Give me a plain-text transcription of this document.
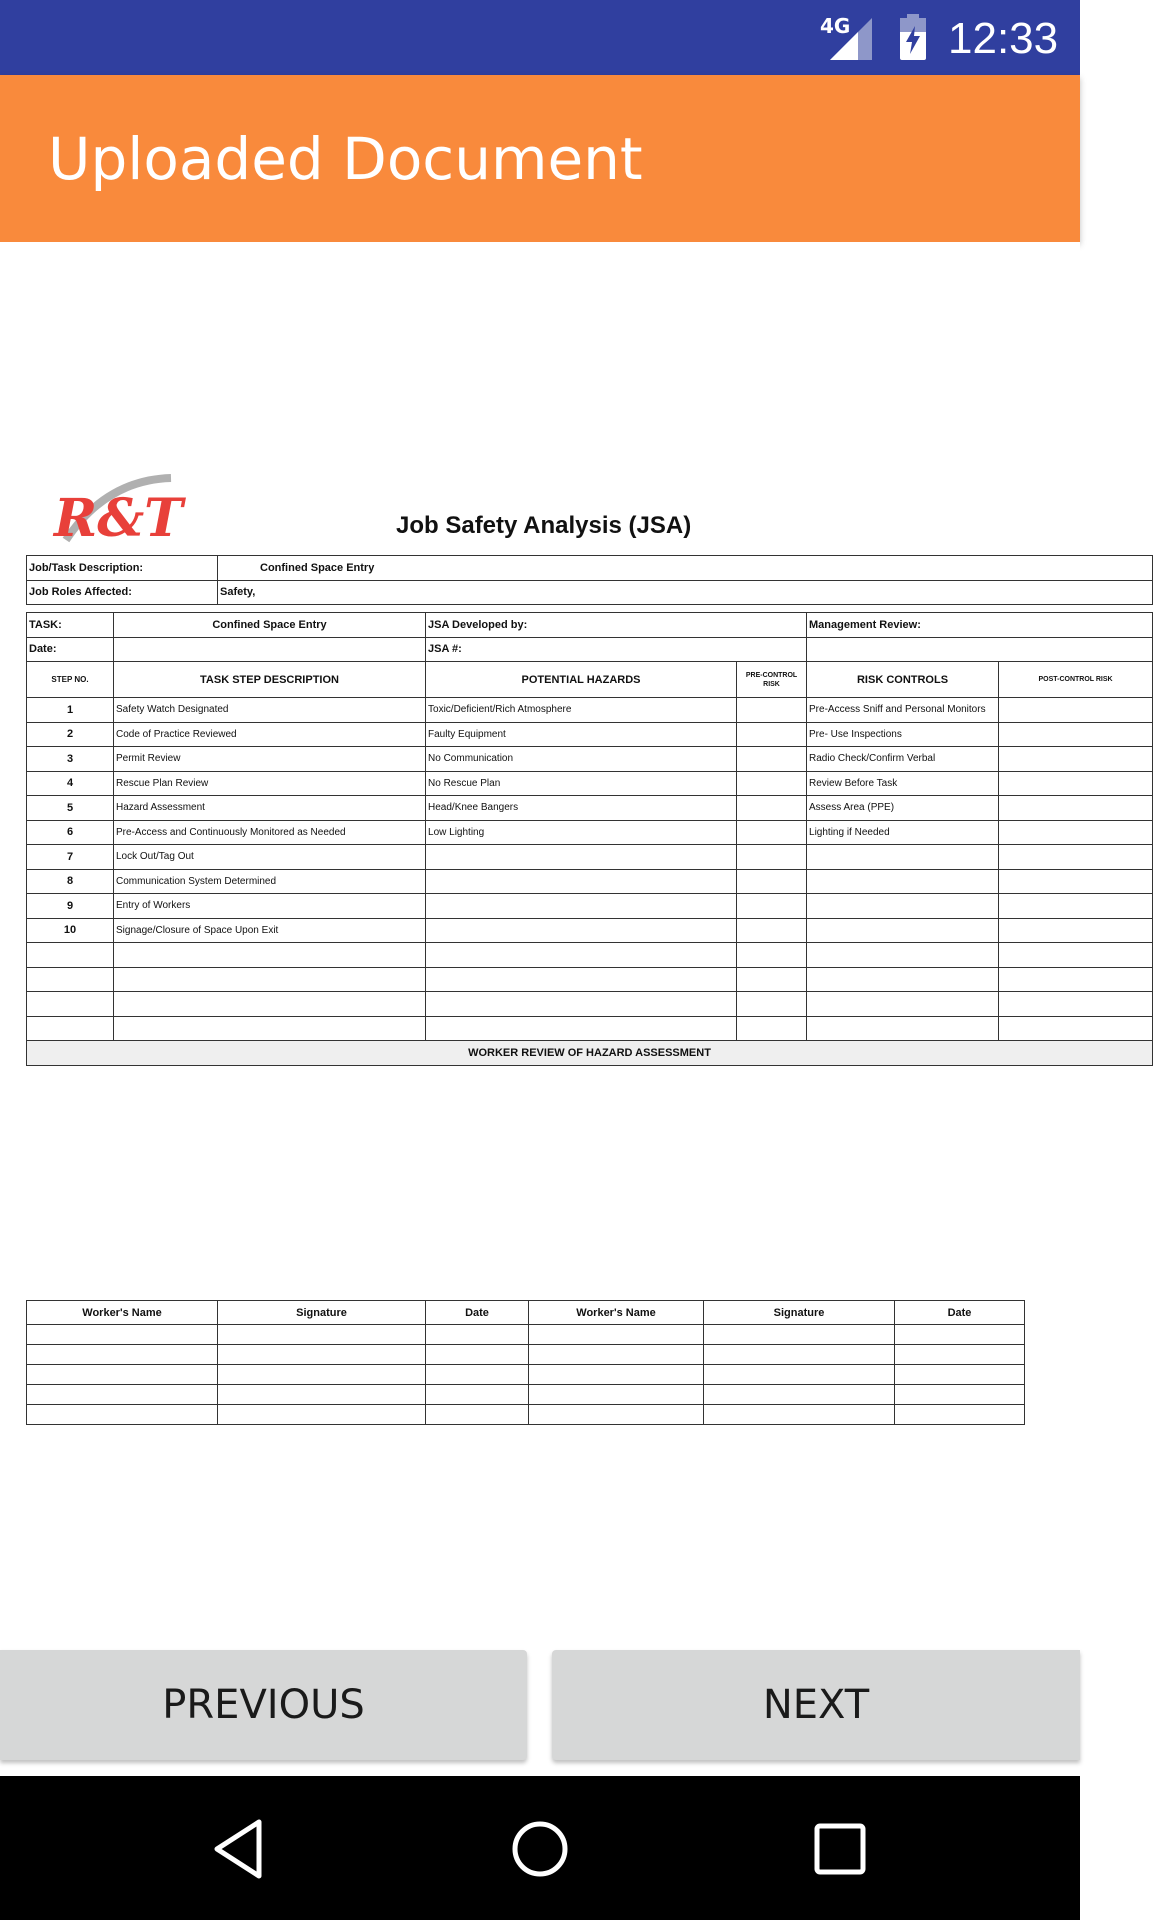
4G 12:33
Uploaded Document
R&T	Job Safety Analysis (JSA)
Job/Task Description:		Confined Space Entry				
Job Roles Affected:		Safety,				

TASK:	Confined Space Entry		JSA Developed by:		Management Review:	
Date:			JSA #:			
STEP NO.	TASK STEP DESCRIPTION		POTENTIAL HAZARDS	PRE-CONTROL RISK	RISK CONTROLS	POST-CONTROL RISK
1	Safety Watch Designated		Toxic/Deficient/Rich Atmosphere		Pre-Access Sniff and Personal Monitors	
2	Code of Practice Reviewed		Faulty Equipment		Pre- Use Inspections	
3	Permit Review		No Communication		Radio Check/Confirm Verbal	
4	Rescue Plan Review		No Rescue Plan		Review Before Task	
5	Hazard Assessment		Head/Knee Bangers		Assess Area (PPE)	
6	Pre-Access and Continuously Monitored as Needed		Low Lighting		Lighting if Needed	
7	Lock Out/Tag Out					
8	Communication System Determined					
9	Entry of Workers					
10	Signage/Closure of Space Upon Exit					

WORKER REVIEW OF HAZARD ASSESSMENT						
Worker's Name	Signature	Date	Worker's Name	Signature	Date

PREVIOUS	NEXT
